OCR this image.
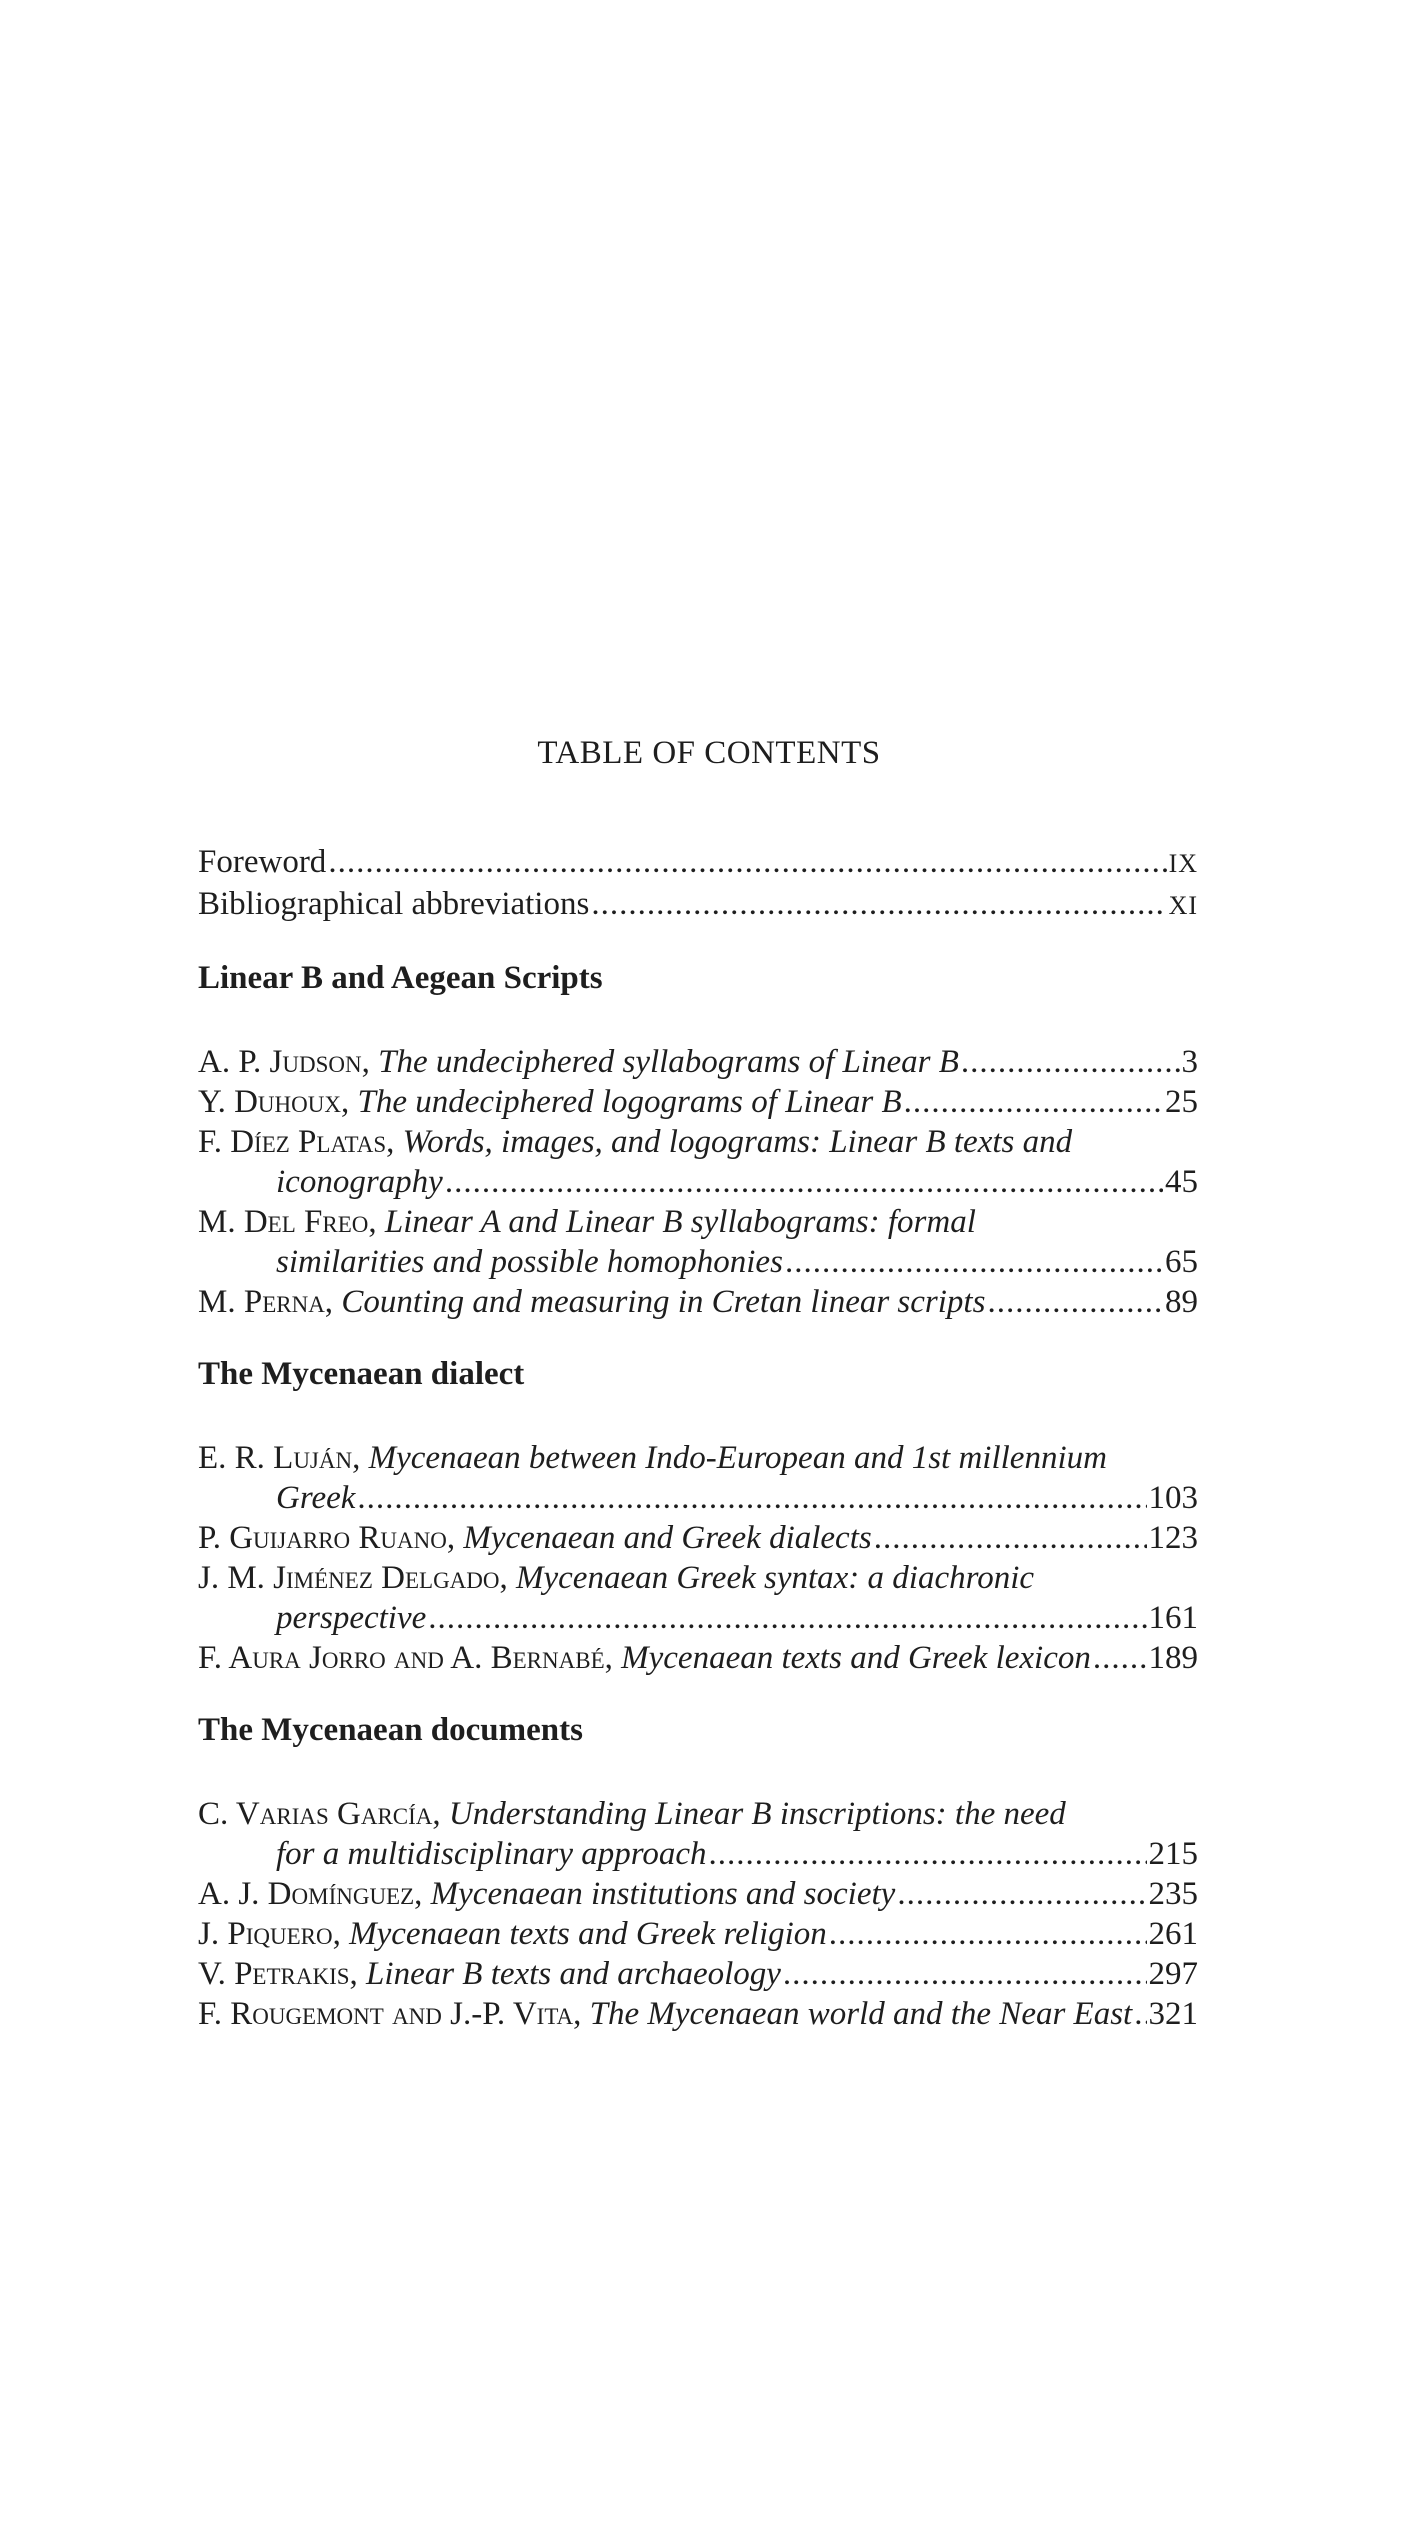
TABLE OF CONTENTS
Foreword .....	IX
Bibliographical abbreviations .....	XI
Linear B and Aegean Scripts
A. P. Judson,
The undeciphered syllabograms of Linear B .....	3
Y. Duhoux,
The undeciphered logograms of Linear B .....	25
F. Díez Platas,
Words, images, and logograms: Linear B texts and
iconography .....	45
M. Del Freo,
Linear A and Linear B syllabograms: formal
similarities and possible homophonies .....	65
M. Perna,
Counting and measuring in Cretan linear scripts .....	89
The Mycenaean dialect
E. R. Luján,
Mycenaean between Indo-European and 1st millennium
Greek .....	103
P. Guijarro Ruano,
Mycenaean and Greek dialects .....	123
J. M. Jiménez Delgado,
Mycenaean Greek syntax: a diachronic
perspective .....	161
F. Aura Jorro and A. Bernabé,
Mycenaean texts and Greek lexicon ..... 189
The Mycenaean documents
C. Varias García,
Understanding Linear B inscriptions: the need
for a multidisciplinary approach .....	215
A. J. Domínguez,
Mycenaean institutions and society .....	235
J. Piquero,
Mycenaean texts and Greek religion .....	261
V. Petrakis,
Linear B texts and archaeology .....	297
F. Rougemont and J.-P. Vita,
The Mycenaean world and the Near East ..... 321
